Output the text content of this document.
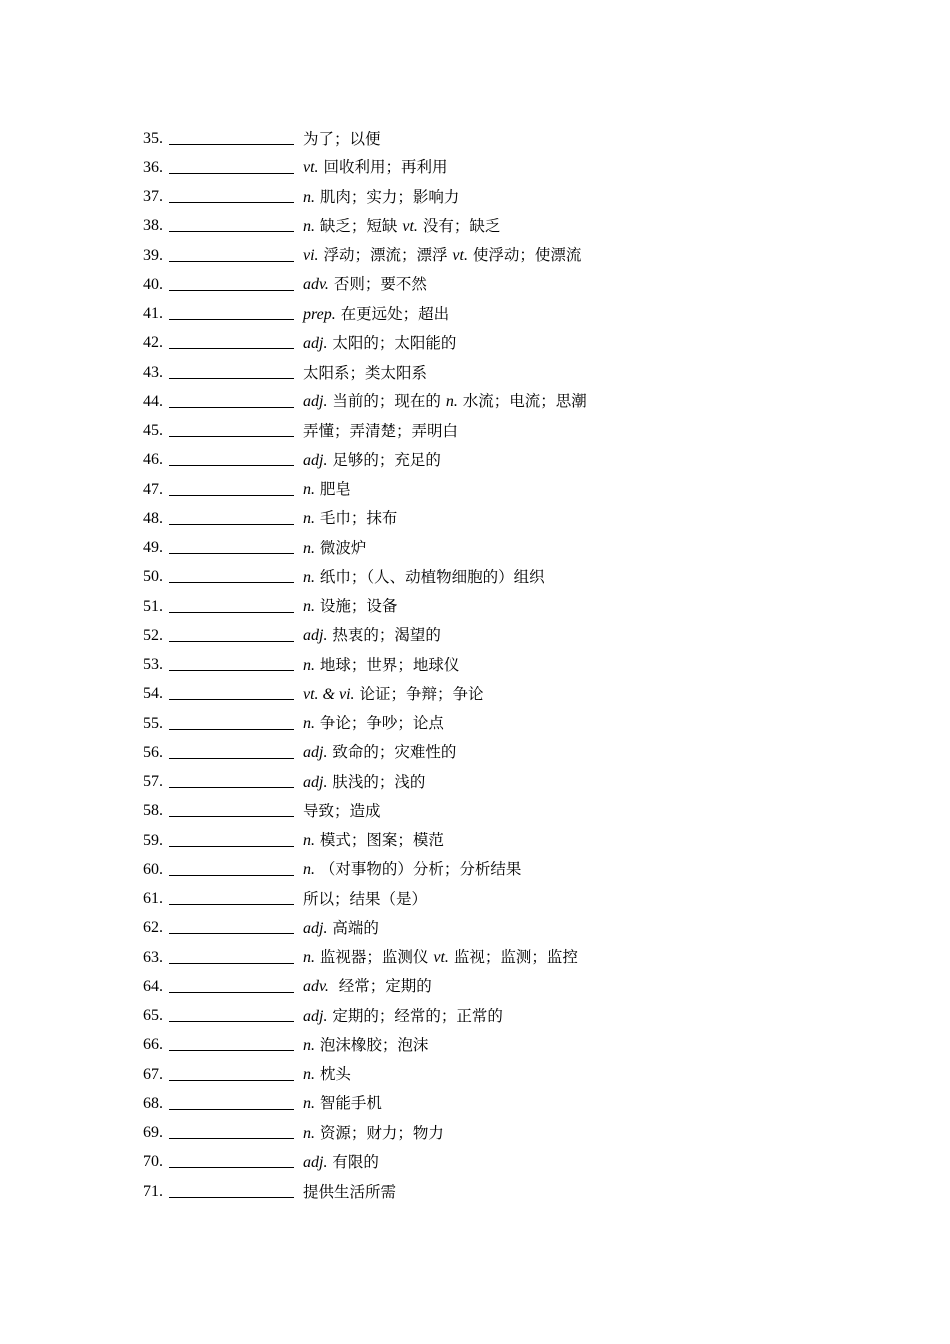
35.	为了；以便
36.	vt. 回收利用；再利用
37.	n. 肌肉；实力；影响力
38.	n. 缺乏；短缺 vt. 没有；缺乏
39.	vi. 浮动；漂流；漂浮 vt. 使浮动；使漂流
40.	adv. 否则；要不然
41.	prep. 在更远处；超出
42.	adj. 太阳的；太阳能的
43.	太阳系；类太阳系
44.	adj. 当前的；现在的 n. 水流；电流；思潮
45.	弄懂；弄清楚；弄明白
46.	adj. 足够的；充足的
47.	n. 肥皂
48.	n. 毛巾；抹布
49.	n. 微波炉
50.	n. 纸巾；（人、动植物细胞的）组织
51.	n. 设施；设备
52.	adj. 热衷的；渴望的
53.	n. 地球；世界；地球仪
54.	vt. & vi. 论证；争辩；争论
55.	n. 争论；争吵；论点
56.	adj. 致命的；灾难性的
57.	adj. 肤浅的；浅的
58.	导致；造成
59.	n. 模式；图案；模范
60.	n. （对事物的）分析；分析结果
61.	所以；结果（是）
62.	adj. 高端的
63.	n. 监视器；监测仪 vt. 监视；监测；监控
64.	adv.  经常；定期的
65.	adj. 定期的；经常的；正常的
66.	n. 泡沫橡胶；泡沫
67.	n. 枕头
68.	n. 智能手机
69.	n. 资源；财力；物力
70.	adj. 有限的
71.	提供生活所需
